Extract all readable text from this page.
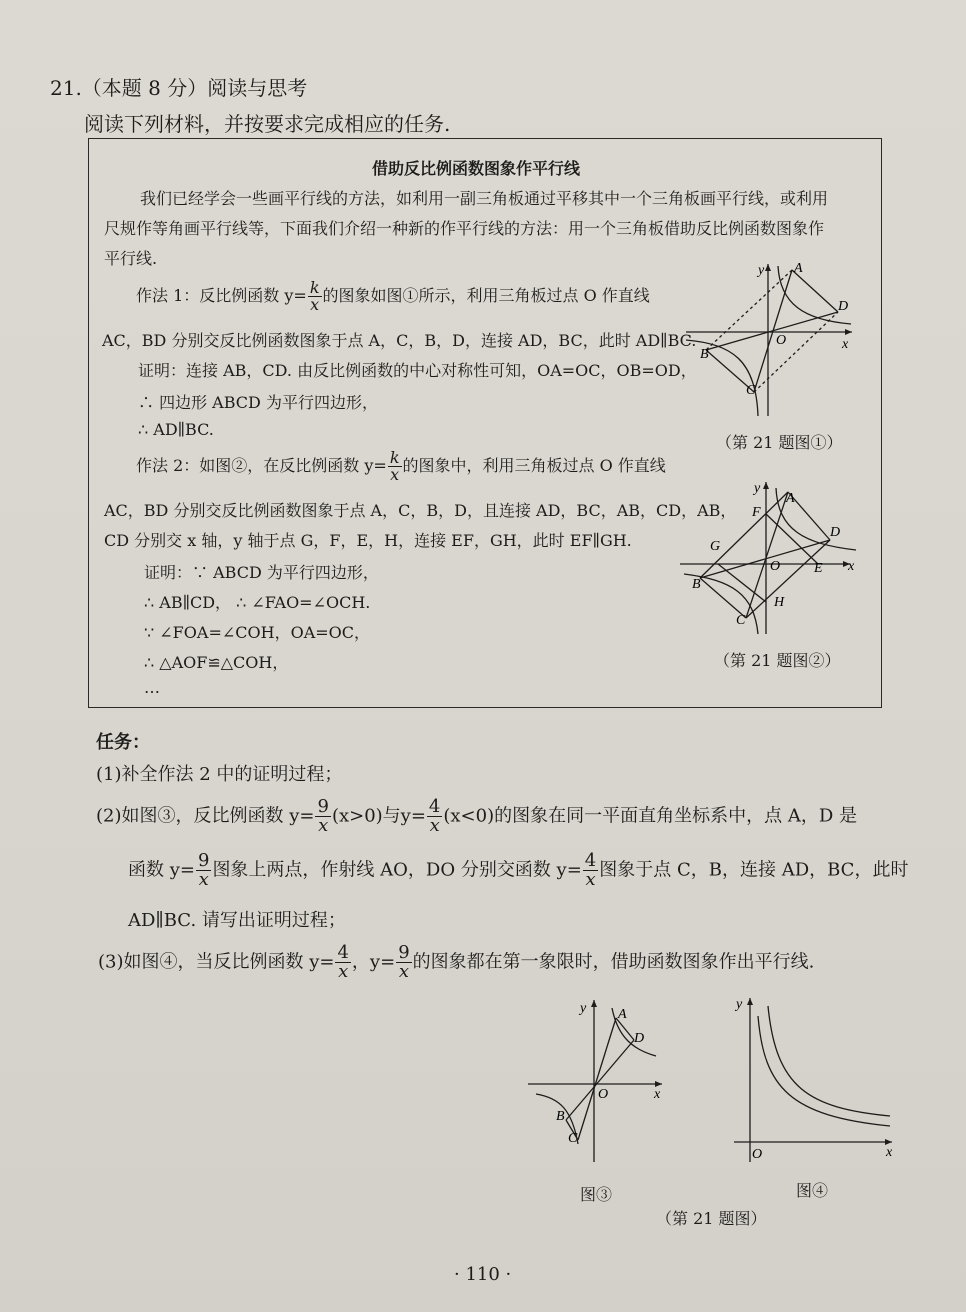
21.（本题 8 分）阅读与思考
阅读下列材料，并按要求完成相应的任务.
借助反比例函数图象作平行线
我们已经学会一些画平行线的方法，如利用一副三角板通过平移其中一个三角板画平行线，或利用
尺规作等角画平行线等，下面我们介绍一种新的作平行线的方法：用一个三角板借助反比例函数图象作
平行线.
作法 1：反比例函数 $y= \frac{k}{x}$ 的图象如图①所示，利用三角板过点 O 作直线
AC，BD 分别交反比例函数图象于点 A，C，B，D，连接 AD，BC，此时 AD∥BC.
证明：连接 AB，CD. 由反比例函数的中心对称性可知，OA=OC，OB=OD，
∴ 四边形 ABCD 为平行四边形，
∴ AD∥BC.
作法 2：如图②，在反比例函数 $y= \frac{k}{x}$ 的图象中，利用三角板过点 O 作直线
AC，BD 分别交反比例函数图象于点 A，C，B，D，且连接 AD，BC，AB，CD，AB，
CD 分别交 x 轴，y 轴于点 G，F，E，H，连接 EF，GH，此时 EF∥GH.
证明：∵ ABCD 为平行四边形，
∴ AB∥CD， ∴ ∠FAO=∠OCH.
∵ ∠FOA=∠COH，OA=OC，
∴ △AOF≌△COH，
…
y
x
A
D
B
C
O
（第 21 题图①）
y
A
F
D
G
O E x
B
H
C
（第 21 题图②）
任务：
(1)补全作法 2 中的证明过程；
(2)如图③，反比例函数 $y= \frac{9}{x} (x>0)$与$y= \frac{4}{x} (x<0)$的图象在同一平面直角坐标系中，点 A，D 是
函数 $y= \frac{9}{x}$ 图象上两点，作射线 AO，DO 分别交函数 $y= \frac{4}{x}$ 图象于点 C，B，连接 AD，BC，此时
AD∥BC. 请写出证明过程；
(3)如图④，当反比例函数 $y= \frac{4}{x}$ ，$y= \frac{9}{x}$ 的图象都在第一象限时，借助函数图象作出平行线.
y A
D
O	x
B
C
图③
y
O	x
图④
（第 21 题图）
· 110 ·
